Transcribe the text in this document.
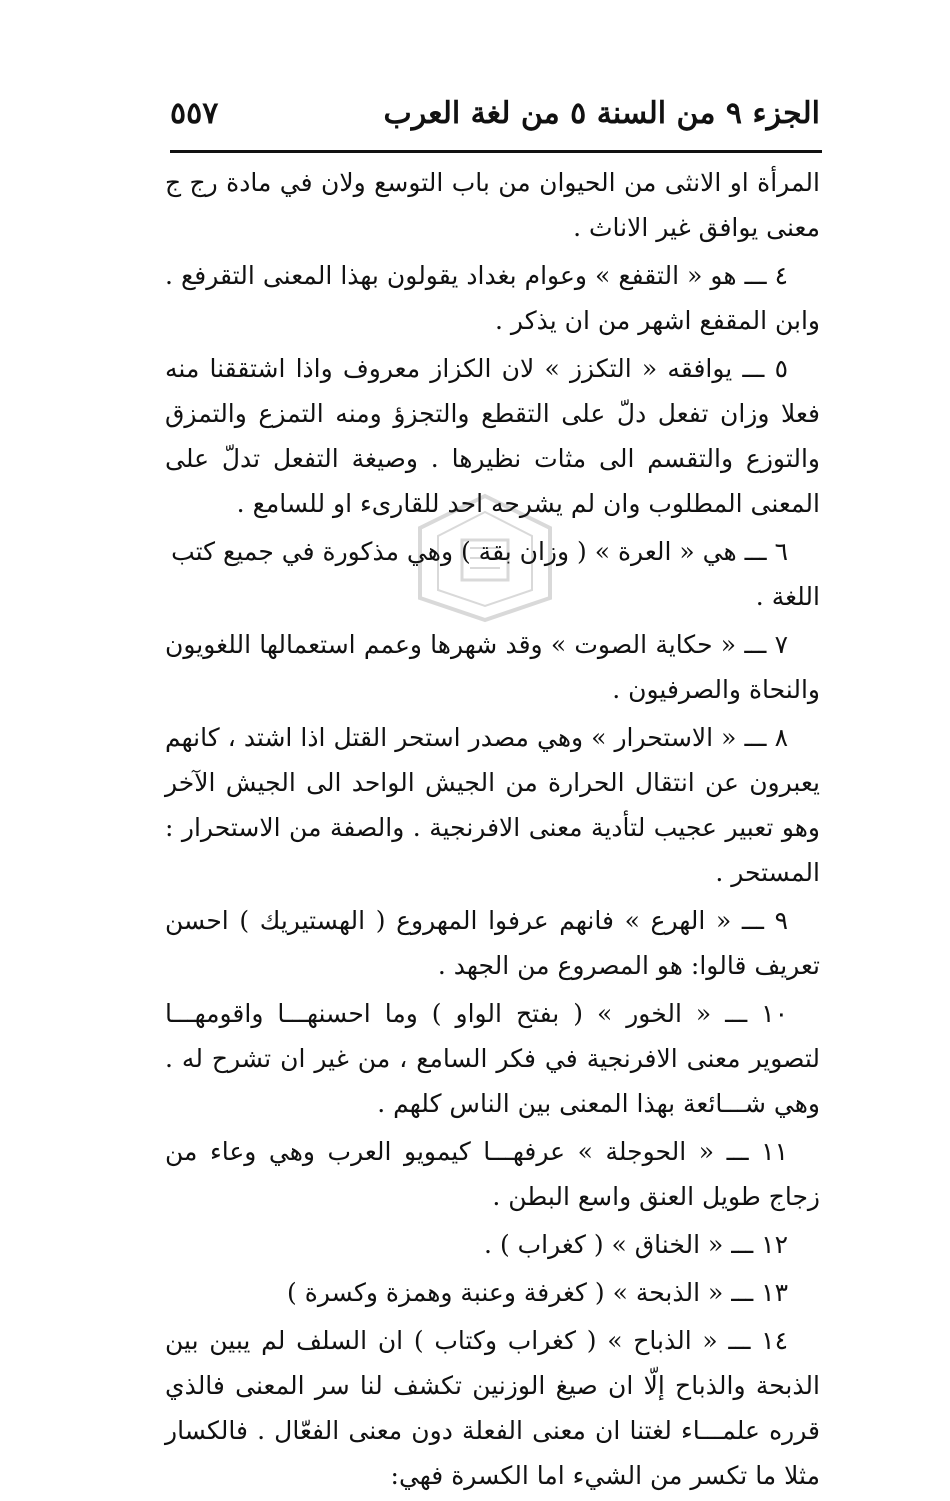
الجزء ٩ من السنة ٥ من لغة العرب
٥٥٧

المرأة او الانثى من الحيوان من باب التوسع ولان في مادة رج ج معنى يوافق غير الاناث .

٤ ـــ هو « التقفع » وعوام بغداد يقولون بهذا المعنى التقرفع . وابن المقفع اشهر من ان يذكر .

٥ ـــ يوافقه « التكزز » لان الكزاز معروف واذا اشتققنا منه فعلا وزان تفعل دلّ على التقطع والتجزؤ ومنه التمزع والتمزق والتوزع والتقسم الى مثات نظيرها . وصيغة التفعل تدلّ على المعنى المطلوب وان لم يشرحه احد للقارىء او للسامع .

٦ ـــ هي « العرة » ( وزان بقة ) وهي مذكورة في جميع كتب اللغة .

٧ ـــ « حكاية الصوت » وقد شهرها وعمم استعمالها اللغويون والنحاة والصرفيون .

٨ ـــ « الاستحرار » وهي مصدر استحر القتل اذا اشتد ، كانهم يعبرون عن انتقال الحرارة من الجيش الواحد الى الجيش الآخر وهو تعبير عجيب لتأدية معنى الافرنجية . والصفة من الاستحرار : المستحر .

٩ ـــ « الهرع » فانهم عرفوا المهروع ( الهستيريك ) احسن تعريف قالوا: هو المصروع من الجهد .

١٠ ـــ « الخور » ( بفتح الواو ) وما احسنهـــا واقومهـــا لتصوير معنى الافرنجية في فكر السامع ، من غير ان تشرح له . وهي شـــائعة بهذا المعنى بين الناس كلهم .

١١ ـــ « الحوجلة » عرفهـــا كيمويو العرب وهي وعاء من زجاج طويل العنق واسع البطن .

١٢ ـــ « الخناق » ( كغراب ) .

١٣ ـــ « الذبحة » ( كغرفة وعنبة وهمزة وكسرة )

١٤ ـــ « الذباح » ( كغراب وكتاب ) ان السلف لم يبين بين الذبحة والذباح إلّا ان صيغ الوزنين تكشف لنا سر المعنى فالذي قرره علمـــاء لغتنا ان معنى الفعلة دون معنى الفعّال . فالكسار مثلا ما تكسر من الشيء اما الكسرة فهي:
